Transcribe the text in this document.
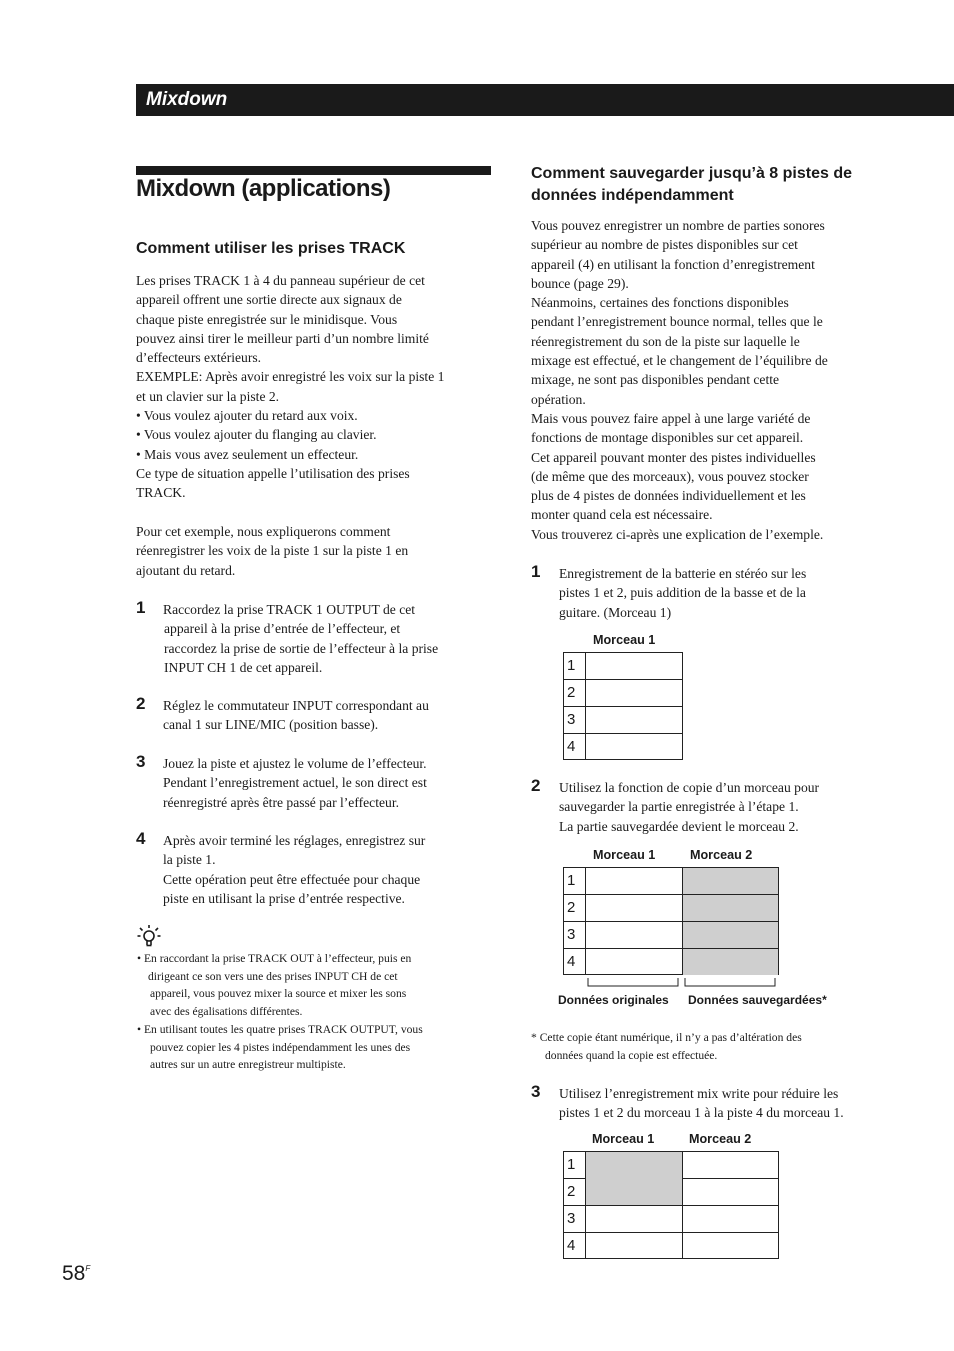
Mixdown
Mixdown (applications)
Comment utiliser les prises TRACK

Les prises TRACK 1 à 4 du panneau supérieur de cet

appareil offrent une sortie directe aux signaux de

chaque piste enregistrée sur le minidisque. Vous

pouvez ainsi tirer le meilleur parti d’un nombre limité

d’effecteurs extérieurs.

EXEMPLE: Après avoir enregistré les voix sur la piste 1

et un clavier sur la piste 2.

• Vous voulez ajouter du retard aux voix.

• Vous voulez ajouter du flanging au clavier.

• Mais vous avez seulement un effecteur.

Ce type de situation appelle l’utilisation des prises

TRACK.

Pour cet exemple, nous expliquerons comment

réenregistrer les voix de la piste 1 sur la piste 1 en

ajoutant du retard.

1 Raccordez la prise TRACK 1 OUTPUT de cet

appareil à la prise d’entrée de l’effecteur, et

raccordez la prise de sortie de l’effecteur à la prise

INPUT CH 1 de cet appareil.

2 Réglez le commutateur INPUT correspondant au

canal 1 sur LINE/MIC (position basse).

3 Jouez la piste et ajustez le volume de l’effecteur.

Pendant l’enregistrement actuel, le son direct est

réenregistré après être passé par l’effecteur.

4 Après avoir terminé les réglages, enregistrez sur

la piste 1.

Cette opération peut être effectuée pour chaque

piste en utilisant la prise d’entrée respective.

• En raccordant la prise TRACK OUT à l’effecteur, puis en

dirigeant ce son vers une des prises INPUT CH de cet

appareil, vous pouvez mixer la source et mixer les sons

avec des égalisations différentes.

• En utilisant toutes les quatre prises TRACK OUTPUT, vous

pouvez copier les 4 pistes indépendamment les unes des

autres sur un autre enregistreur multipiste.

Comment sauvegarder jusqu’à 8 pistes de
données indépendamment

Vous pouvez enregistrer un nombre de parties sonores

supérieur au nombre de pistes disponibles sur cet

appareil (4) en utilisant la fonction d’enregistrement

bounce (page 29).

Néanmoins, certaines des fonctions disponibles

pendant l’enregistrement bounce normal, telles que le

réenregistrement du son de la piste sur laquelle le

mixage est effectué, et le changement de l’équilibre de

mixage, ne sont pas disponibles pendant cette

opération.

Mais vous pouvez faire appel à une large variété de

fonctions de montage disponibles sur cet appareil.

Cet appareil pouvant monter des pistes individuelles

(de même que des morceaux), vous pouvez stocker

plus de 4 pistes de données individuellement et les

monter quand cela est nécessaire.

Vous trouverez ci-après une explication de l’exemple.

1 Enregistrement de la batterie en stéréo sur les

pistes 1 et 2, puis addition de la basse et de la

guitare. (Morceau 1)

Morceau 1
1
2
3
4
2 Utilisez la fonction de copie d’un morceau pour

sauvegarder la partie enregistrée à l’étape 1.

La partie sauvegardée devient le morceau 2.

Morceau 1	Morceau 2
1
2
3
4
Données originales Données sauvegardées*

* Cette copie étant numérique, il n’y a pas d’altération des

données quand la copie est effectuée.

3 Utilisez l’enregistrement mix write pour réduire les

pistes 1 et 2 du morceau 1 à la piste 4 du morceau 1.

Morceau 1	Morceau 2
1
2
3
4
$58^F$
